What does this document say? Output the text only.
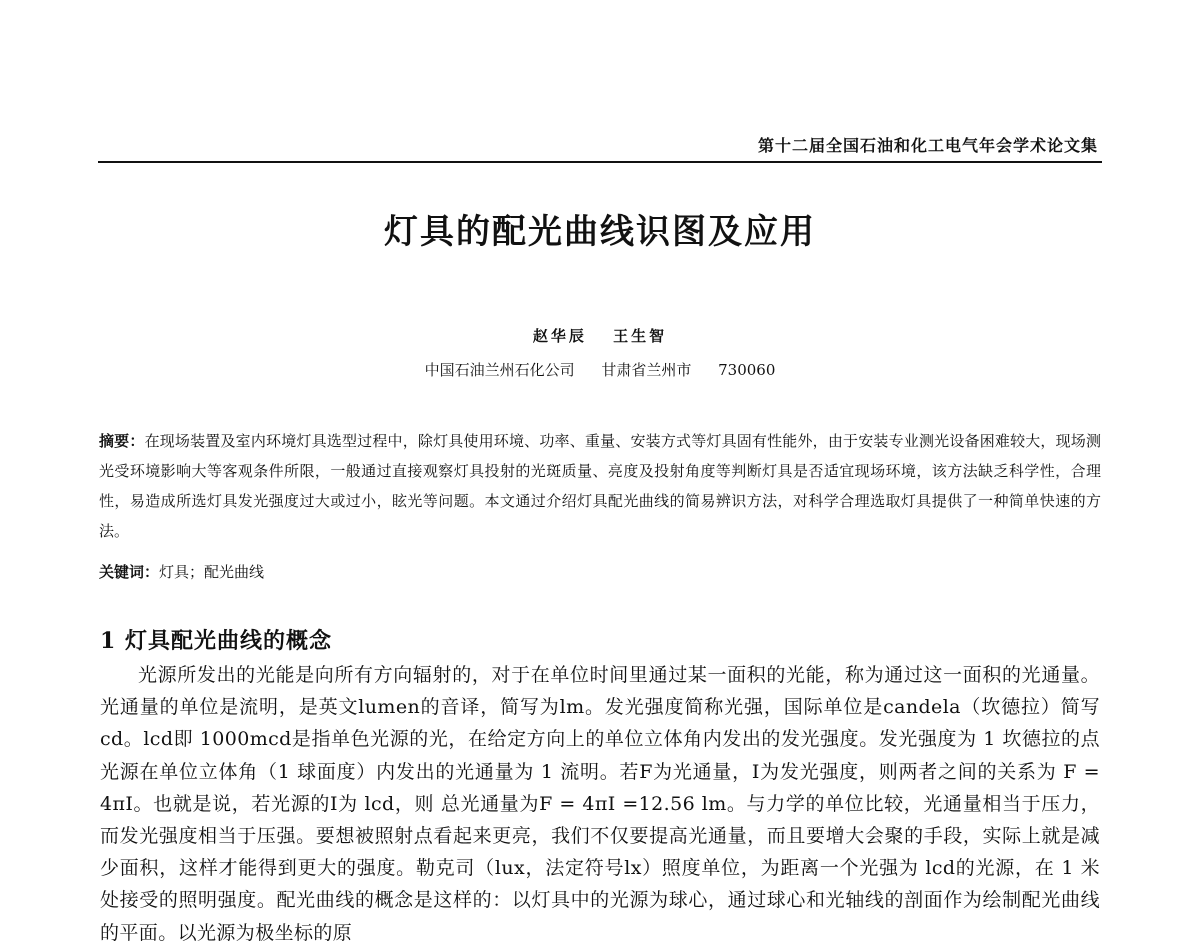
第十二届全国石油和化工电气年会学术论文集
灯具的配光曲线识图及应用
赵华辰 王生智
中国石油兰州石化公司 甘肃省兰州市 730060
摘要：在现场装置及室内环境灯具选型过程中，除灯具使用环境、功率、重量、安装方式等灯具固有性能外，由于安装专业测光设备困难较大，现场测光受环境影响大等客观条件所限，一般通过直接观察灯具投射的光斑质量、亮度及投射角度等判断灯具是否适宜现场环境，该方法缺乏科学性，合理性，易造成所选灯具发光强度过大或过小，眩光等问题。本文通过介绍灯具配光曲线的简易辨识方法，对科学合理选取灯具提供了一种简单快速的方法。
关键词：灯具；配光曲线
1 灯具配光曲线的概念
光源所发出的光能是向所有方向辐射的，对于在单位时间里通过某一面积的光能，称为通过这一面积的光通量。光通量的单位是流明，是英文lumen的音译，简写为lm。发光强度简称光强，国际单位是candela（坎德拉）简写cd。lcd即 1000mcd是指单色光源的光，在给定方向上的单位立体角内发出的发光强度。发光强度为 1 坎德拉的点光源在单位立体角（1 球面度）内发出的光通量为 1 流明。若F为光通量，I为发光强度，则两者之间的关系为 F = 4πI。也就是说，若光源的I为 lcd，则 总光通量为F = 4πI =12.56 lm。与力学的单位比较，光通量相当于压力，而发光强度相当于压强。要想被照射点看起来更亮，我们不仅要提高光通量，而且要增大会聚的手段，实际上就是减少面积，这样才能得到更大的强度。勒克司（lux，法定符号lx）照度单位，为距离一个光强为 lcd的光源，在 1 米处接受的照明强度。配光曲线的概念是这样的：以灯具中的光源为球心，通过球心和光轴线的剖面作为绘制配光曲线的平面。以光源为极坐标的原
